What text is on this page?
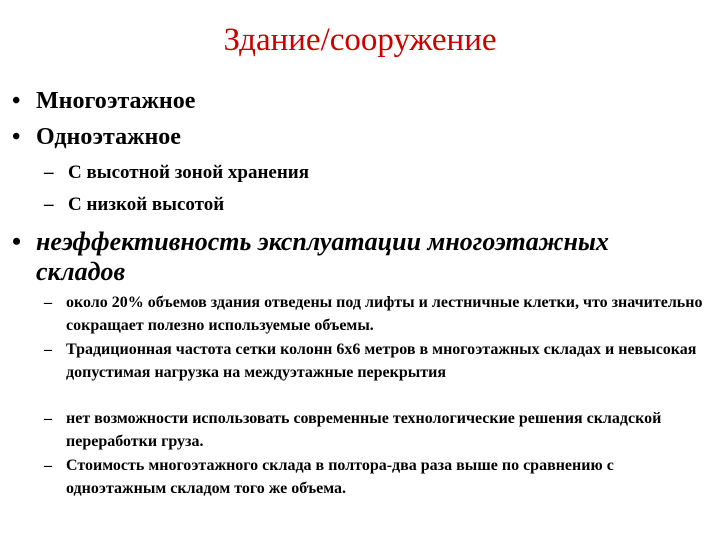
Здание/сооружение
• Многоэтажное
• Одноэтажное
– С высотной зоной хранения
– С низкой высотой
• неэффективность эксплуатации многоэтажных складов
– около 20% объемов здания отведены под лифты и лестничные клетки, что значительно сокращает полезно используемые объемы.
– Традиционная частота сетки колонн 6х6 метров в многоэтажных складах и невысокая допустимая нагрузка на междуэтажные перекрытия
– нет возможности использовать современные технологические решения складской переработки груза.
– Стоимость многоэтажного склада в полтора-два раза выше по сравнению с одноэтажным складом того же объема.
